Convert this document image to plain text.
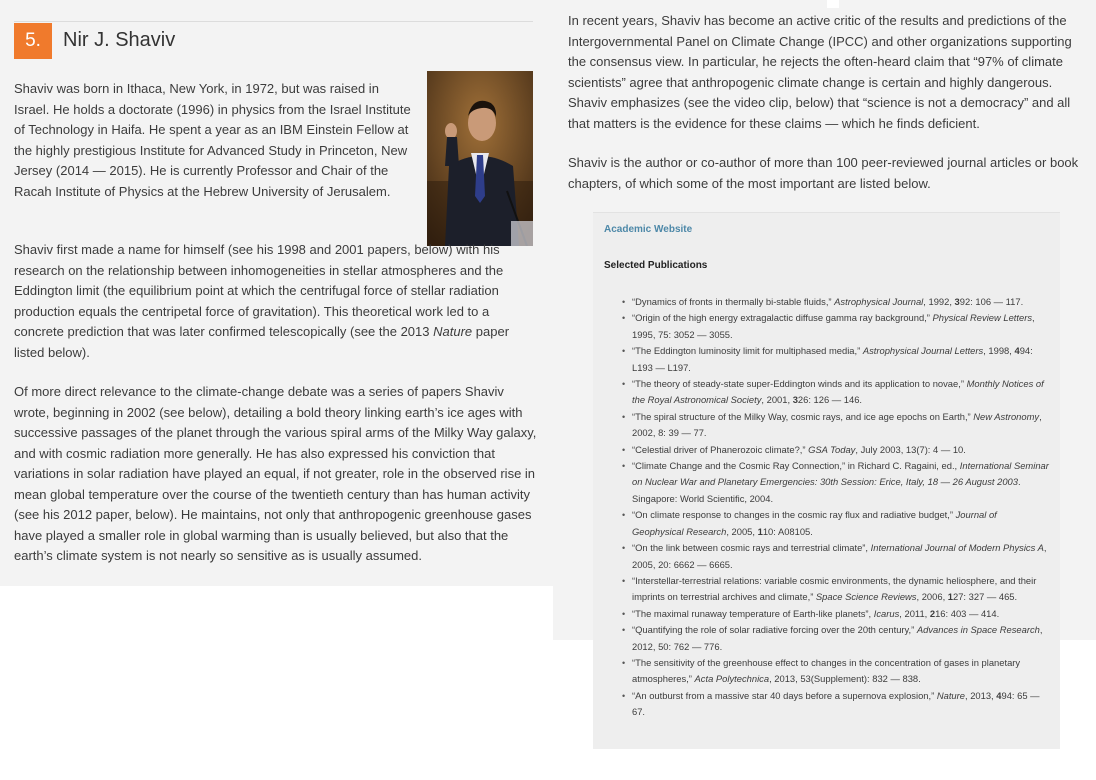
5.	Nir J. Shaviv

Shaviv was born in Ithaca, New York, in 1972, but was raised in Israel. He holds a doctorate (1996) in physics from the Israel Institute of Technology in Haifa. He spent a year as an IBM Einstein Fellow at the highly prestigious Institute for Advanced Study in Princeton, New Jersey (2014 — 2015). He is currently Professor and Chair of the Racah Institute of Physics at the Hebrew University of Jerusalem.

Shaviv first made a name for himself (see his 1998 and 2001 papers, below) with his research on the relationship between inhomogeneities in stellar atmospheres and the Eddington limit (the equilibrium point at which the centrifugal force of stellar radiation production equals the centripetal force of gravitation). This theoretical work led to a concrete prediction that was later confirmed telescopically (see the 2013 Nature paper listed below).

Of more direct relevance to the climate-change debate was a series of papers Shaviv wrote, beginning in 2002 (see below), detailing a bold theory linking earth’s ice ages with successive passages of the planet through the various spiral arms of the Milky Way galaxy, and with cosmic radiation more generally. He has also expressed his conviction that variations in solar radiation have played an equal, if not greater, role in the observed rise in mean global temperature over the course of the twentieth century than has human activity (see his 2012 paper, below). He maintains, not only that anthropogenic greenhouse gases have played a smaller role in global warming than is usually believed, but also that the earth’s climate system is not nearly so sensitive as is usually assumed.

In recent years, Shaviv has become an active critic of the results and predictions of the Intergovernmental Panel on Climate Change (IPCC) and other organizations supporting the consensus view. In particular, he rejects the often-heard claim that “97% of climate scientists” agree that anthropogenic climate change is certain and highly dangerous. Shaviv emphasizes (see the video clip, below) that “science is not a democracy” and all that matters is the evidence for these claims — which he finds deficient.

Shaviv is the author or co-author of more than 100 peer-reviewed journal articles or book chapters, of which some of the most important are listed below.

Academic Website
Selected Publications
• “Dynamics of fronts in thermally bi-stable fluids,” Astrophysical Journal, 1992, 392: 106 — 117.
• “Origin of the high energy extragalactic diffuse gamma ray background,” Physical Review Letters, 1995, 75: 3052 — 3055.
• “The Eddington luminosity limit for multiphased media,” Astrophysical Journal Letters, 1998, 494: L193 — L197.
• “The theory of steady-state super-Eddington winds and its application to novae,” Monthly Notices of the Royal Astronomical Society, 2001, 326: 126 — 146.
• “The spiral structure of the Milky Way, cosmic rays, and ice age epochs on Earth,” New Astronomy, 2002, 8: 39 — 77.
• “Celestial driver of Phanerozoic climate?,” GSA Today, July 2003, 13(7): 4 — 10.
• “Climate Change and the Cosmic Ray Connection,” in Richard C. Ragaini, ed., International Seminar on Nuclear War and Planetary Emergencies: 30th Session: Erice, Italy, 18 — 26 August 2003. Singapore: World Scientific, 2004.
• “On climate response to changes in the cosmic ray flux and radiative budget,” Journal of Geophysical Research, 2005, 110: A08105.
• “On the link between cosmic rays and terrestrial climate”, International Journal of Modern Physics A, 2005, 20: 6662 — 6665.
• “Interstellar-terrestrial relations: variable cosmic environments, the dynamic heliosphere, and their imprints on terrestrial archives and climate,” Space Science Reviews, 2006, 127: 327 — 465.
• “The maximal runaway temperature of Earth-like planets”, Icarus, 2011, 216: 403 — 414.
• “Quantifying the role of solar radiative forcing over the 20th century,” Advances in Space Research, 2012, 50: 762 — 776.
• “The sensitivity of the greenhouse effect to changes in the concentration of gases in planetary atmospheres,” Acta Polytechnica, 2013, 53(Supplement): 832 — 838.
• “An outburst from a massive star 40 days before a supernova explosion,” Nature, 2013, 494: 65 — 67.
